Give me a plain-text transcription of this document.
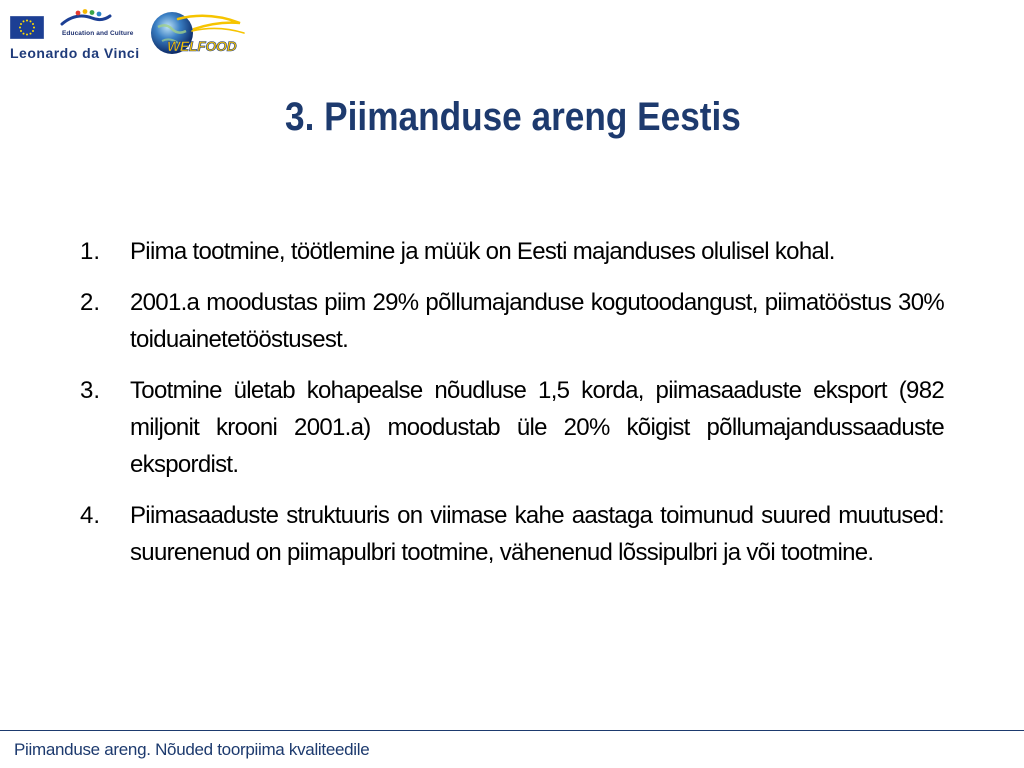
Education and Culture
Leonardo da Vinci WELFOOD
3. Piimanduse areng Eestis
1. Piima tootmine, töötlemine ja müük on Eesti majanduses olulisel kohal.
2. 2001.a moodustas piim 29% põllumajanduse kogutoodangust, piimatööstus 30% toiduainetetööstusest.
3. Tootmine ületab kohapealse nõudluse 1,5 korda, piimasaaduste eksport (982 miljonit krooni 2001.a) moodustab üle 20% kõigist põllumajandussaaduste ekspordist.
4. Piimasaaduste struktuuris on viimase kahe aastaga toimunud suured muutused: suurenenud on piimapulbri tootmine, vähenenud lõssipulbri ja või tootmine.
Piimanduse areng. Nõuded toorpiima kvaliteedile
